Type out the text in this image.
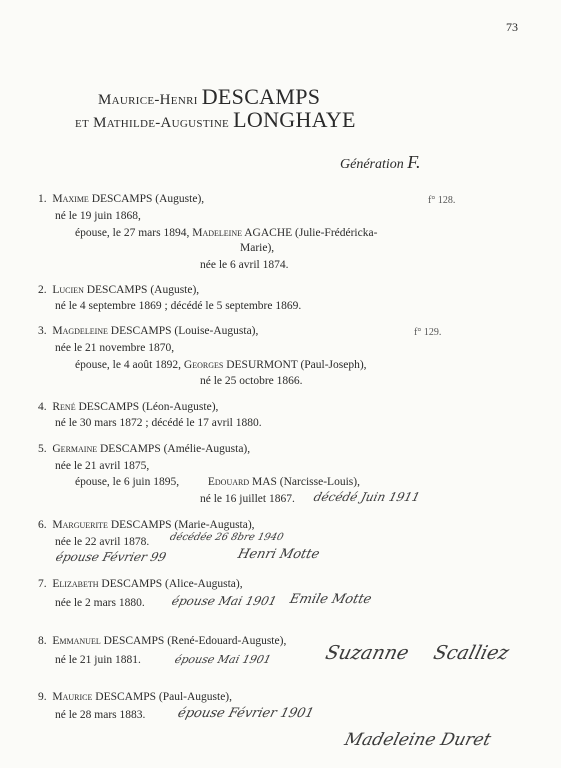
73
Maurice-Henri DESCAMPS
et Mathilde-Augustine LONGHAYE
Génération F.
1. Maxime DESCAMPS (Auguste),	f° 128.
né le 19 juin 1868,
épouse, le 27 mars 1894, Madeleine AGACHE (Julie-Frédéricka-
Marie),
née le 6 avril 1874.
2. Lucien DESCAMPS (Auguste),
né le 4 septembre 1869 ; décédé le 5 septembre 1869.
3. Magdeleine DESCAMPS (Louise-Augusta),	f° 129.
née le 21 novembre 1870,
épouse, le 4 août 1892, Georges DESURMONT (Paul-Joseph),
né le 25 octobre 1866.
4. René DESCAMPS (Léon-Auguste),
né le 30 mars 1872 ; décédé le 17 avril 1880.
5. Germaine DESCAMPS (Amélie-Augusta),
née le 21 avril 1875,
épouse, le 6 juin 1895,	Edouard MAS (Narcisse-Louis),
né le 16 juillet 1867. décédé Juin 1911
6. Marguerite DESCAMPS (Marie-Augusta),
née le 22 avril 1878. décédée 26 8bre 1940
épouse Février 99	Henri Motte
7. Elizabeth DESCAMPS (Alice-Augusta),
née le 2 mars 1880. épouse Mai 1901 Emile Motte
8. Emmanuel DESCAMPS (René-Edouard-Auguste),
né le 21 juin 1881.	épouse Mai 1901	Suzanne Scalliez
9. Maurice DESCAMPS (Paul-Auguste),
né le 28 mars 1883. épouse Février 1901
Madeleine Duret
